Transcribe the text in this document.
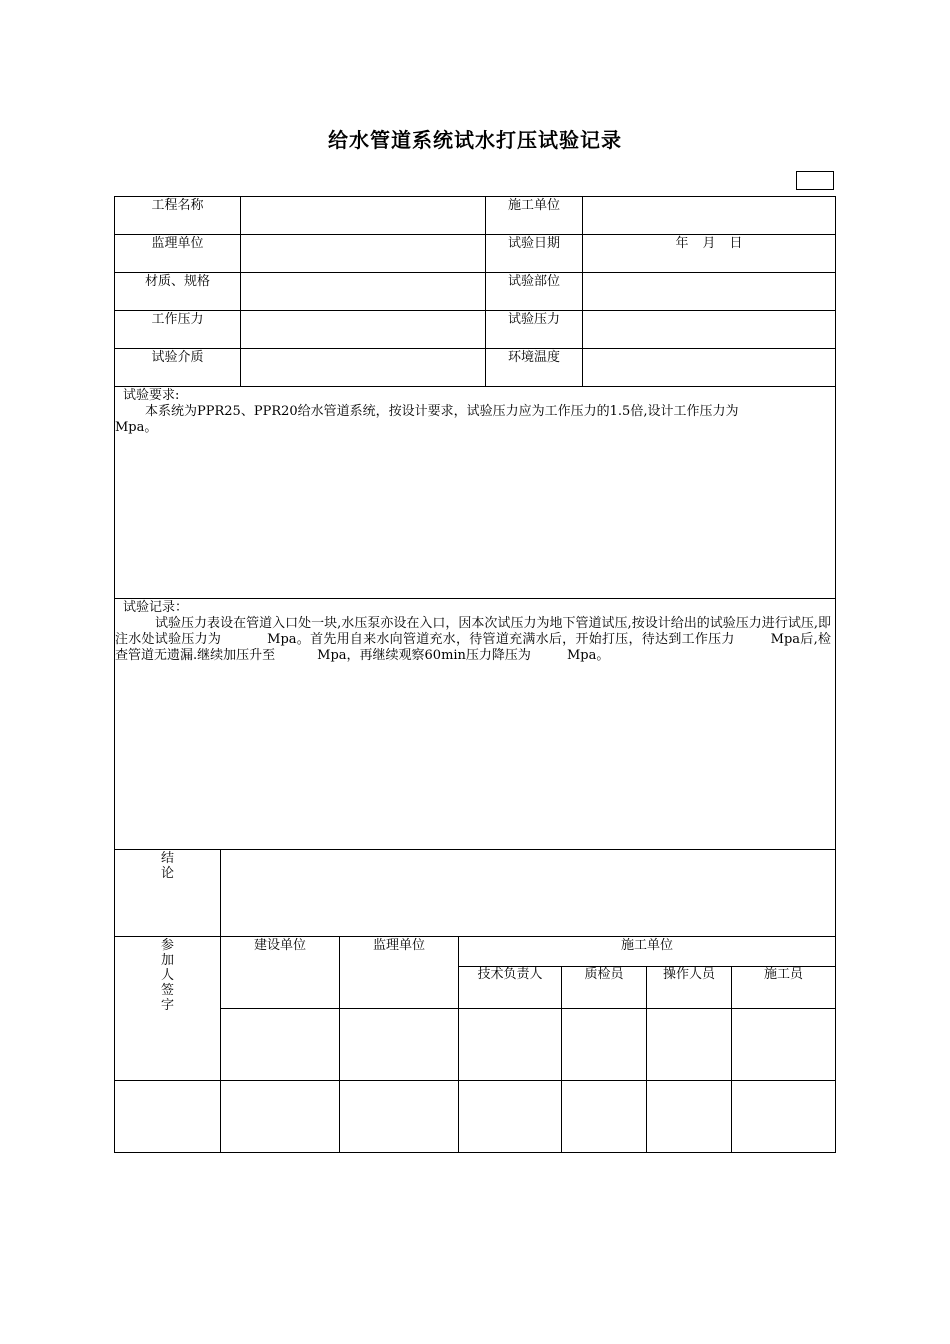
给水管道系统试水打压试验记录
工程名称	施工单位
监理单位	试验日期	年 月 日
材质、规格	试验部位
工作压力	试验压力
试验介质	环境温度

试验要求:

本系统为PPR25、PPR20给水管道系统，按设计要求，试验压力应为工作压力的1.5倍,设计工作压力为
Mpa。

试验记录：

试验压力表设在管道入口处一块,水压泵亦设在入口，因本次试压力为地下管道试压,按设计给出的试验压力进行试压,即注水处试验压力为	Mpa。首先用自来水向管道充水，待管道充满水后，开始打压，待达到工作压力	Mpa后,检查管道无遗漏.继续加压升至	Mpa，再继续观察60min压力降压为	Mpa。

结
论
参
加
人
签
字
建设单位	监理单位	施工单位
技术负责人	质检员	操作人员	施工员
